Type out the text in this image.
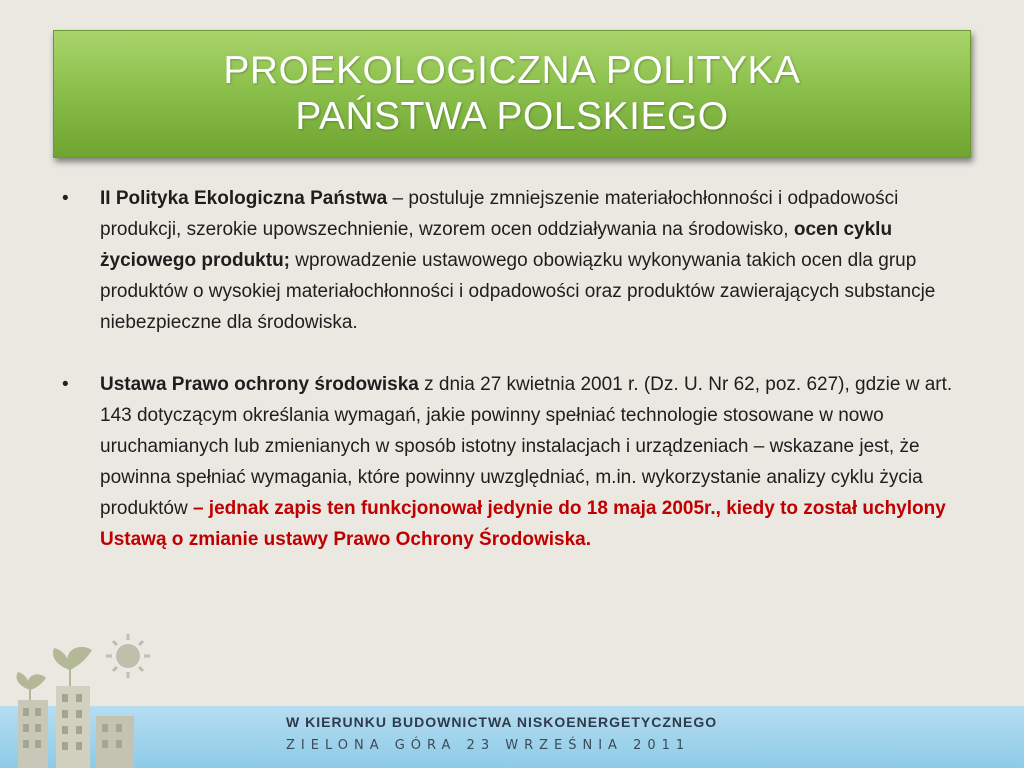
PROEKOLOGICZNA POLITYKA
PAŃSTWA POLSKIEGO
• II Polityka Ekologiczna Państwa – postuluje zmniejszenie materiałochłonności i odpadowości produkcji, szerokie upowszechnienie, wzorem ocen oddziaływania na środowisko, ocen cyklu życiowego produktu; wprowadzenie ustawowego obowiązku wykonywania takich ocen dla grup produktów o wysokiej materiałochłonności i odpadowości oraz produktów zawierających substancje niebezpieczne dla środowiska.
• Ustawa Prawo ochrony środowiska z dnia 27 kwietnia 2001 r. (Dz. U. Nr 62, poz. 627), gdzie w art. 143 dotyczącym określania wymagań, jakie powinny spełniać technologie stosowane w nowo uruchamianych lub zmienianych w sposób istotny instalacjach i urządzeniach – wskazane jest, że powinna spełniać wymagania, które powinny uwzględniać, m.in. wykorzystanie analizy cyklu życia produktów – jednak zapis ten funkcjonował jedynie do 18 maja 2005r., kiedy to został uchylony Ustawą o zmianie ustawy Prawo Ochrony Środowiska.
W KIERUNKU BUDOWNICTWA NISKOENERGETYCZNEGO
ZIELONA GÓRA 23 WRZEŚNIA 2011
